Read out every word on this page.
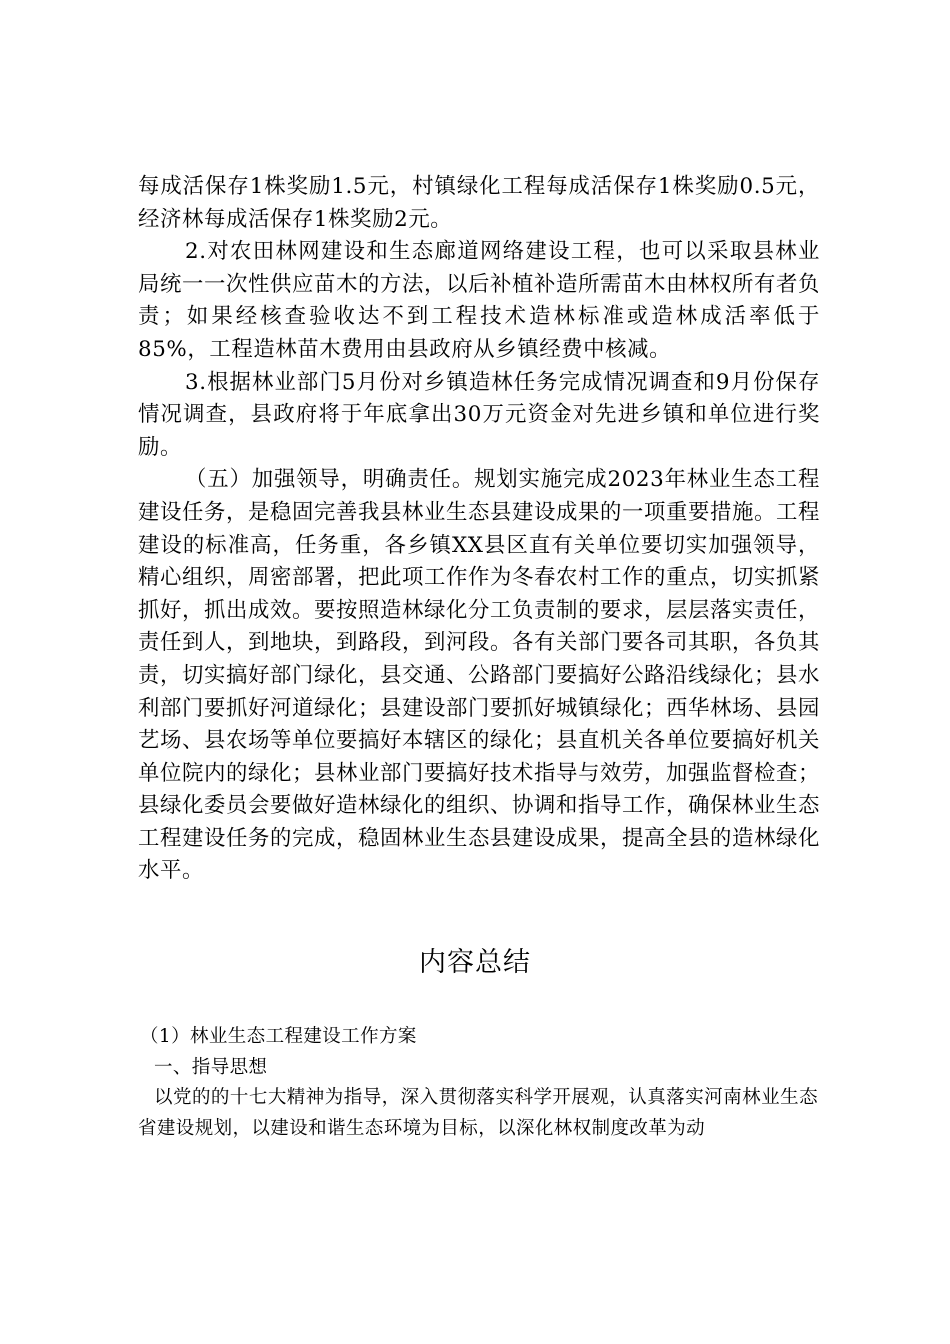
每成活保存1株奖励1.5元，村镇绿化工程每成活保存1株奖励0.5元，经济林每成活保存1株奖励2元。

2.对农田林网建设和生态廊道网络建设工程，也可以采取县林业局统一一次性供应苗木的方法，以后补植补造所需苗木由林权所有者负责；如果经核查验收达不到工程技术造林标准或造林成活率低于85%，工程造林苗木费用由县政府从乡镇经费中核减。

3.根据林业部门5月份对乡镇造林任务完成情况调查和9月份保存情况调查，县政府将于年底拿出30万元资金对先进乡镇和单位进行奖励。

（五）加强领导，明确责任。规划实施完成2023年林业生态工程建设任务，是稳固完善我县林业生态县建设成果的一项重要措施。工程建设的标准高，任务重，各乡镇XX县区直有关单位要切实加强领导，精心组织，周密部署，把此项工作作为冬春农村工作的重点，切实抓紧抓好，抓出成效。要按照造林绿化分工负责制的要求，层层落实责任，责任到人，到地块，到路段，到河段。各有关部门要各司其职，各负其责，切实搞好部门绿化，县交通、公路部门要搞好公路沿线绿化；县水利部门要抓好河道绿化；县建设部门要抓好城镇绿化；西华林场、县园艺场、县农场等单位要搞好本辖区的绿化；县直机关各单位要搞好机关单位院内的绿化；县林业部门要搞好技术指导与效劳，加强监督检查；县绿化委员会要做好造林绿化的组织、协调和指导工作，确保林业生态工程建设任务的完成，稳固林业生态县建设成果，提高全县的造林绿化水平。

内容总结

（1）林业生态工程建设工作方案

一、指导思想

以党的的十七大精神为指导，深入贯彻落实科学开展观，认真落实河南林业生态省建设规划，以建设和谐生态环境为目标，以深化林权制度改革为动
